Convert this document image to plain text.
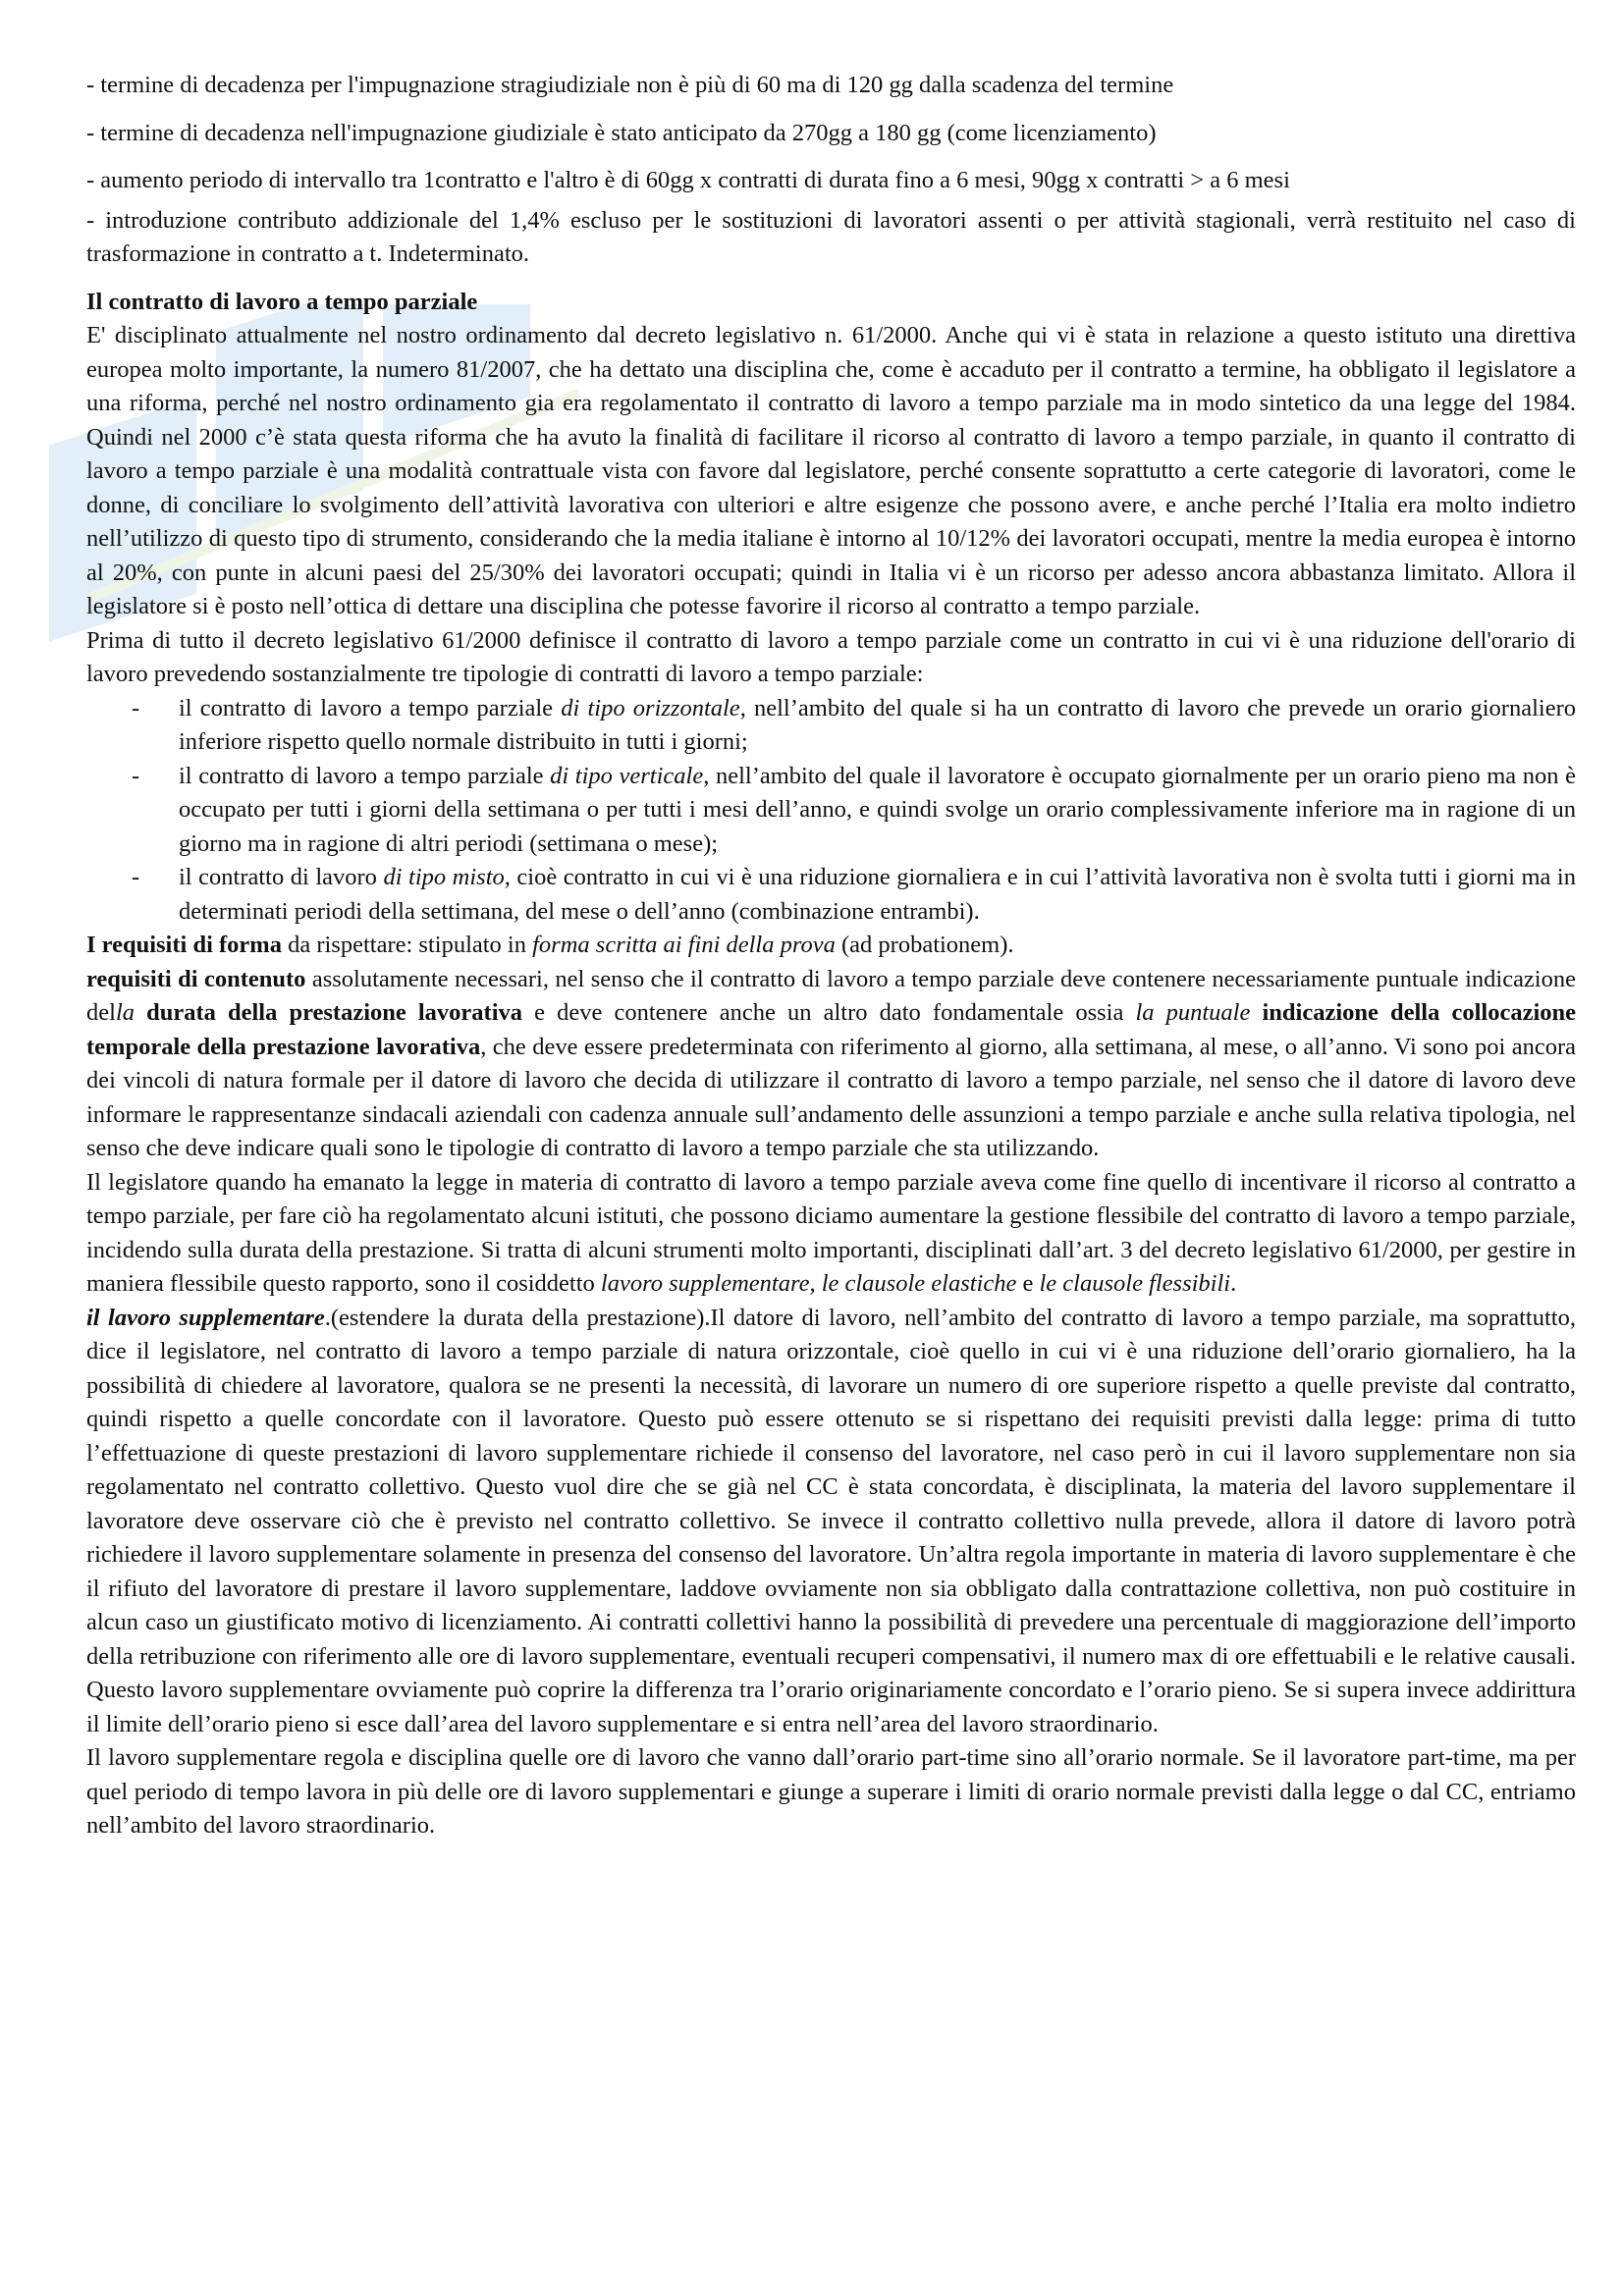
- termine di decadenza per l'impugnazione stragiudiziale non è più di 60 ma di 120 gg dalla scadenza del termine

- termine di decadenza nell'impugnazione giudiziale è stato anticipato da 270gg a 180 gg (come licenziamento)

- aumento periodo di intervallo tra 1contratto e l'altro è di 60gg x contratti di durata fino a 6 mesi, 90gg x contratti > a 6 mesi

- introduzione contributo addizionale del 1,4% escluso per le sostituzioni di lavoratori assenti o per attività stagionali, verrà restituito nel caso di trasformazione in contratto a t. Indeterminato.

Il contratto di lavoro a tempo parziale

E' disciplinato attualmente nel nostro ordinamento dal decreto legislativo n. 61/2000. Anche qui vi è stata in relazione a questo istituto una direttiva europea molto importante, la numero 81/2007, che ha dettato una disciplina che, come è accaduto per il contratto a termine, ha obbligato il legislatore a una riforma, perché nel nostro ordinamento gia era regolamentato il contratto di lavoro a tempo parziale ma in modo sintetico da una legge del 1984. Quindi nel 2000 c’è stata questa riforma che ha avuto la finalità di facilitare il ricorso al contratto di lavoro a tempo parziale, in quanto il contratto di lavoro a tempo parziale è una modalità contrattuale vista con favore dal legislatore, perché consente soprattutto a certe categorie di lavoratori, come le donne, di conciliare lo svolgimento dell’attività lavorativa con ulteriori e altre esigenze che possono avere, e anche perché l’Italia era molto indietro nell’utilizzo di questo tipo di strumento, considerando che la media italiane è intorno al 10/12% dei lavoratori occupati, mentre la media europea è intorno al 20%, con punte in alcuni paesi del 25/30% dei lavoratori occupati; quindi in Italia vi è un ricorso per adesso ancora abbastanza limitato. Allora il legislatore si è posto nell’ottica di dettare una disciplina che potesse favorire il ricorso al contratto a tempo parziale.

Prima di tutto il decreto legislativo 61/2000 definisce il contratto di lavoro a tempo parziale come un contratto in cui vi è una riduzione dell'orario di lavoro prevedendo sostanzialmente tre tipologie di contratti di lavoro a tempo parziale:

- il contratto di lavoro a tempo parziale di tipo orizzontale, nell’ambito del quale si ha un contratto di lavoro che prevede un orario giornaliero inferiore rispetto quello normale distribuito in tutti i giorni;
- il contratto di lavoro a tempo parziale di tipo verticale, nell’ambito del quale il lavoratore è occupato giornalmente per un orario pieno ma non è occupato per tutti i giorni della settimana o per tutti i mesi dell’anno, e quindi svolge un orario complessivamente inferiore ma in ragione di un giorno ma in ragione di altri periodi (settimana o mese);
- il contratto di lavoro di tipo misto, cioè contratto in cui vi è una riduzione giornaliera e in cui l’attività lavorativa non è svolta tutti i giorni ma in determinati periodi della settimana, del mese o dell’anno (combinazione entrambi).

I requisiti di forma da rispettare: stipulato in forma scritta ai fini della prova (ad probationem).

requisiti di contenuto assolutamente necessari, nel senso che il contratto di lavoro a tempo parziale deve contenere necessariamente puntuale indicazione della durata della prestazione lavorativa e deve contenere anche un altro dato fondamentale ossia la puntuale indicazione della collocazione temporale della prestazione lavorativa, che deve essere predeterminata con riferimento al giorno, alla settimana, al mese, o all’anno. Vi sono poi ancora dei vincoli di natura formale per il datore di lavoro che decida di utilizzare il contratto di lavoro a tempo parziale, nel senso che il datore di lavoro deve informare le rappresentanze sindacali aziendali con cadenza annuale sull’andamento delle assunzioni a tempo parziale e anche sulla relativa tipologia, nel senso che deve indicare quali sono le tipologie di contratto di lavoro a tempo parziale che sta utilizzando.

Il legislatore quando ha emanato la legge in materia di contratto di lavoro a tempo parziale aveva come fine quello di incentivare il ricorso al contratto a tempo parziale, per fare ciò ha regolamentato alcuni istituti, che possono diciamo aumentare la gestione flessibile del contratto di lavoro a tempo parziale, incidendo sulla durata della prestazione. Si tratta di alcuni strumenti molto importanti, disciplinati dall’art. 3 del decreto legislativo 61/2000, per gestire in maniera flessibile questo rapporto, sono il cosiddetto lavoro supplementare, le clausole elastiche e le clausole flessibili.

il lavoro supplementare.(estendere la durata della prestazione).Il datore di lavoro, nell’ambito del contratto di lavoro a tempo parziale, ma soprattutto, dice il legislatore, nel contratto di lavoro a tempo parziale di natura orizzontale, cioè quello in cui vi è una riduzione dell’orario giornaliero, ha la possibilità di chiedere al lavoratore, qualora se ne presenti la necessità, di lavorare un numero di ore superiore rispetto a quelle previste dal contratto, quindi rispetto a quelle concordate con il lavoratore. Questo può essere ottenuto se si rispettano dei requisiti previsti dalla legge: prima di tutto l’effettuazione di queste prestazioni di lavoro supplementare richiede il consenso del lavoratore, nel caso però in cui il lavoro supplementare non sia regolamentato nel contratto collettivo. Questo vuol dire che se già nel CC è stata concordata, è disciplinata, la materia del lavoro supplementare il lavoratore deve osservare ciò che è previsto nel contratto collettivo. Se invece il contratto collettivo nulla prevede, allora il datore di lavoro potrà richiedere il lavoro supplementare solamente in presenza del consenso del lavoratore. Un’altra regola importante in materia di lavoro supplementare è che il rifiuto del lavoratore di prestare il lavoro supplementare, laddove ovviamente non sia obbligato dalla contrattazione collettiva, non può costituire in alcun caso un giustificato motivo di licenziamento. Ai contratti collettivi hanno la possibilità di prevedere una percentuale di maggiorazione dell’importo della retribuzione con riferimento alle ore di lavoro supplementare, eventuali recuperi compensativi, il numero max di ore effettuabili e le relative causali. Questo lavoro supplementare ovviamente può coprire la differenza tra l’orario originariamente concordato e l’orario pieno. Se si supera invece addirittura il limite dell’orario pieno si esce dall’area del lavoro supplementare e si entra nell’area del lavoro straordinario.

Il lavoro supplementare regola e disciplina quelle ore di lavoro che vanno dall’orario part-time sino all’orario normale. Se il lavoratore part-time, ma per quel periodo di tempo lavora in più delle ore di lavoro supplementari e giunge a superare i limiti di orario normale previsti dalla legge o dal CC, entriamo nell’ambito del lavoro straordinario.
